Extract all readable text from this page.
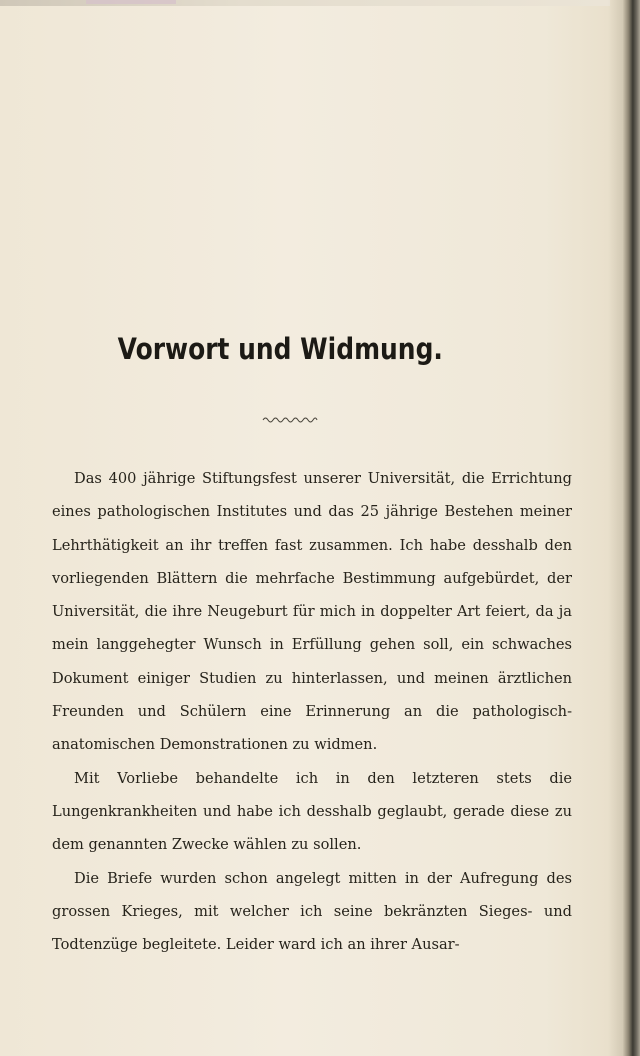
Vorwort und Widmung.

Das 400 jährige Stiftungsfest unserer Universität, die Errichtung eines pathologischen Institutes und das 25 jährige Bestehen meiner Lehrthätigkeit an ihr treffen fast zusammen. Ich habe desshalb den vorliegenden Blättern die mehrfache Bestimmung aufgebürdet, der Universität, die ihre Neugeburt für mich in doppelter Art feiert, da ja mein langgehegter Wunsch in Erfüllung gehen soll, ein schwaches Dokument einiger Studien zu hinterlassen, und meinen ärztlichen Freunden und Schülern eine Erinnerung an die pathologisch-anatomischen Demonstrationen zu widmen.

Mit Vorliebe behandelte ich in den letzteren stets die Lungenkrankheiten und habe ich desshalb geglaubt, gerade diese zu dem genannten Zwecke wählen zu sollen.

Die Briefe wurden schon angelegt mitten in der Aufregung des grossen Krieges, mit welcher ich seine bekränzten Sieges- und Todtenzüge begleitete. Leider ward ich an ihrer Ausar-
